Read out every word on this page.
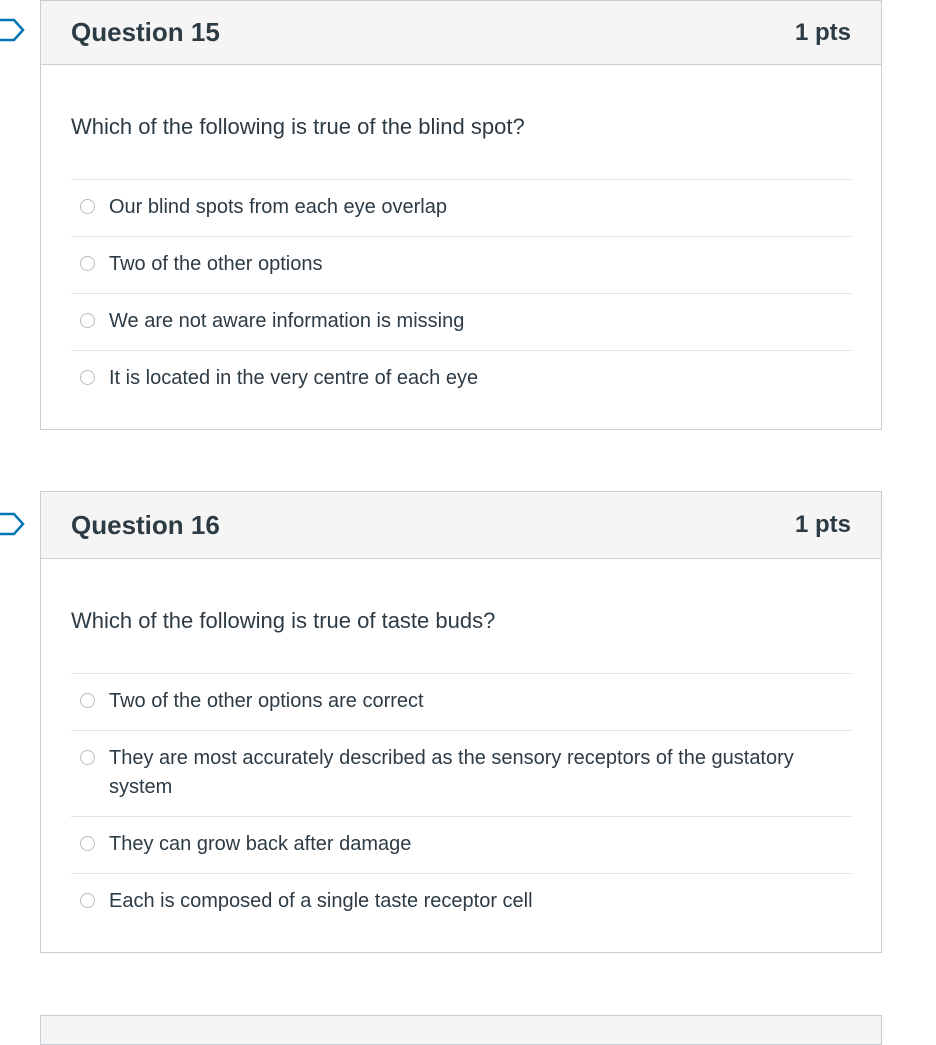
Question 15	1 pts

Which of the following is true of the blind spot?

Our blind spots from each eye overlap
Two of the other options
We are not aware information is missing
It is located in the very centre of each eye
Question 16	1 pts

Which of the following is true of taste buds?

Two of the other options are correct
They are most accurately described as the sensory receptors of the gustatory system
They can grow back after damage
Each is composed of a single taste receptor cell
